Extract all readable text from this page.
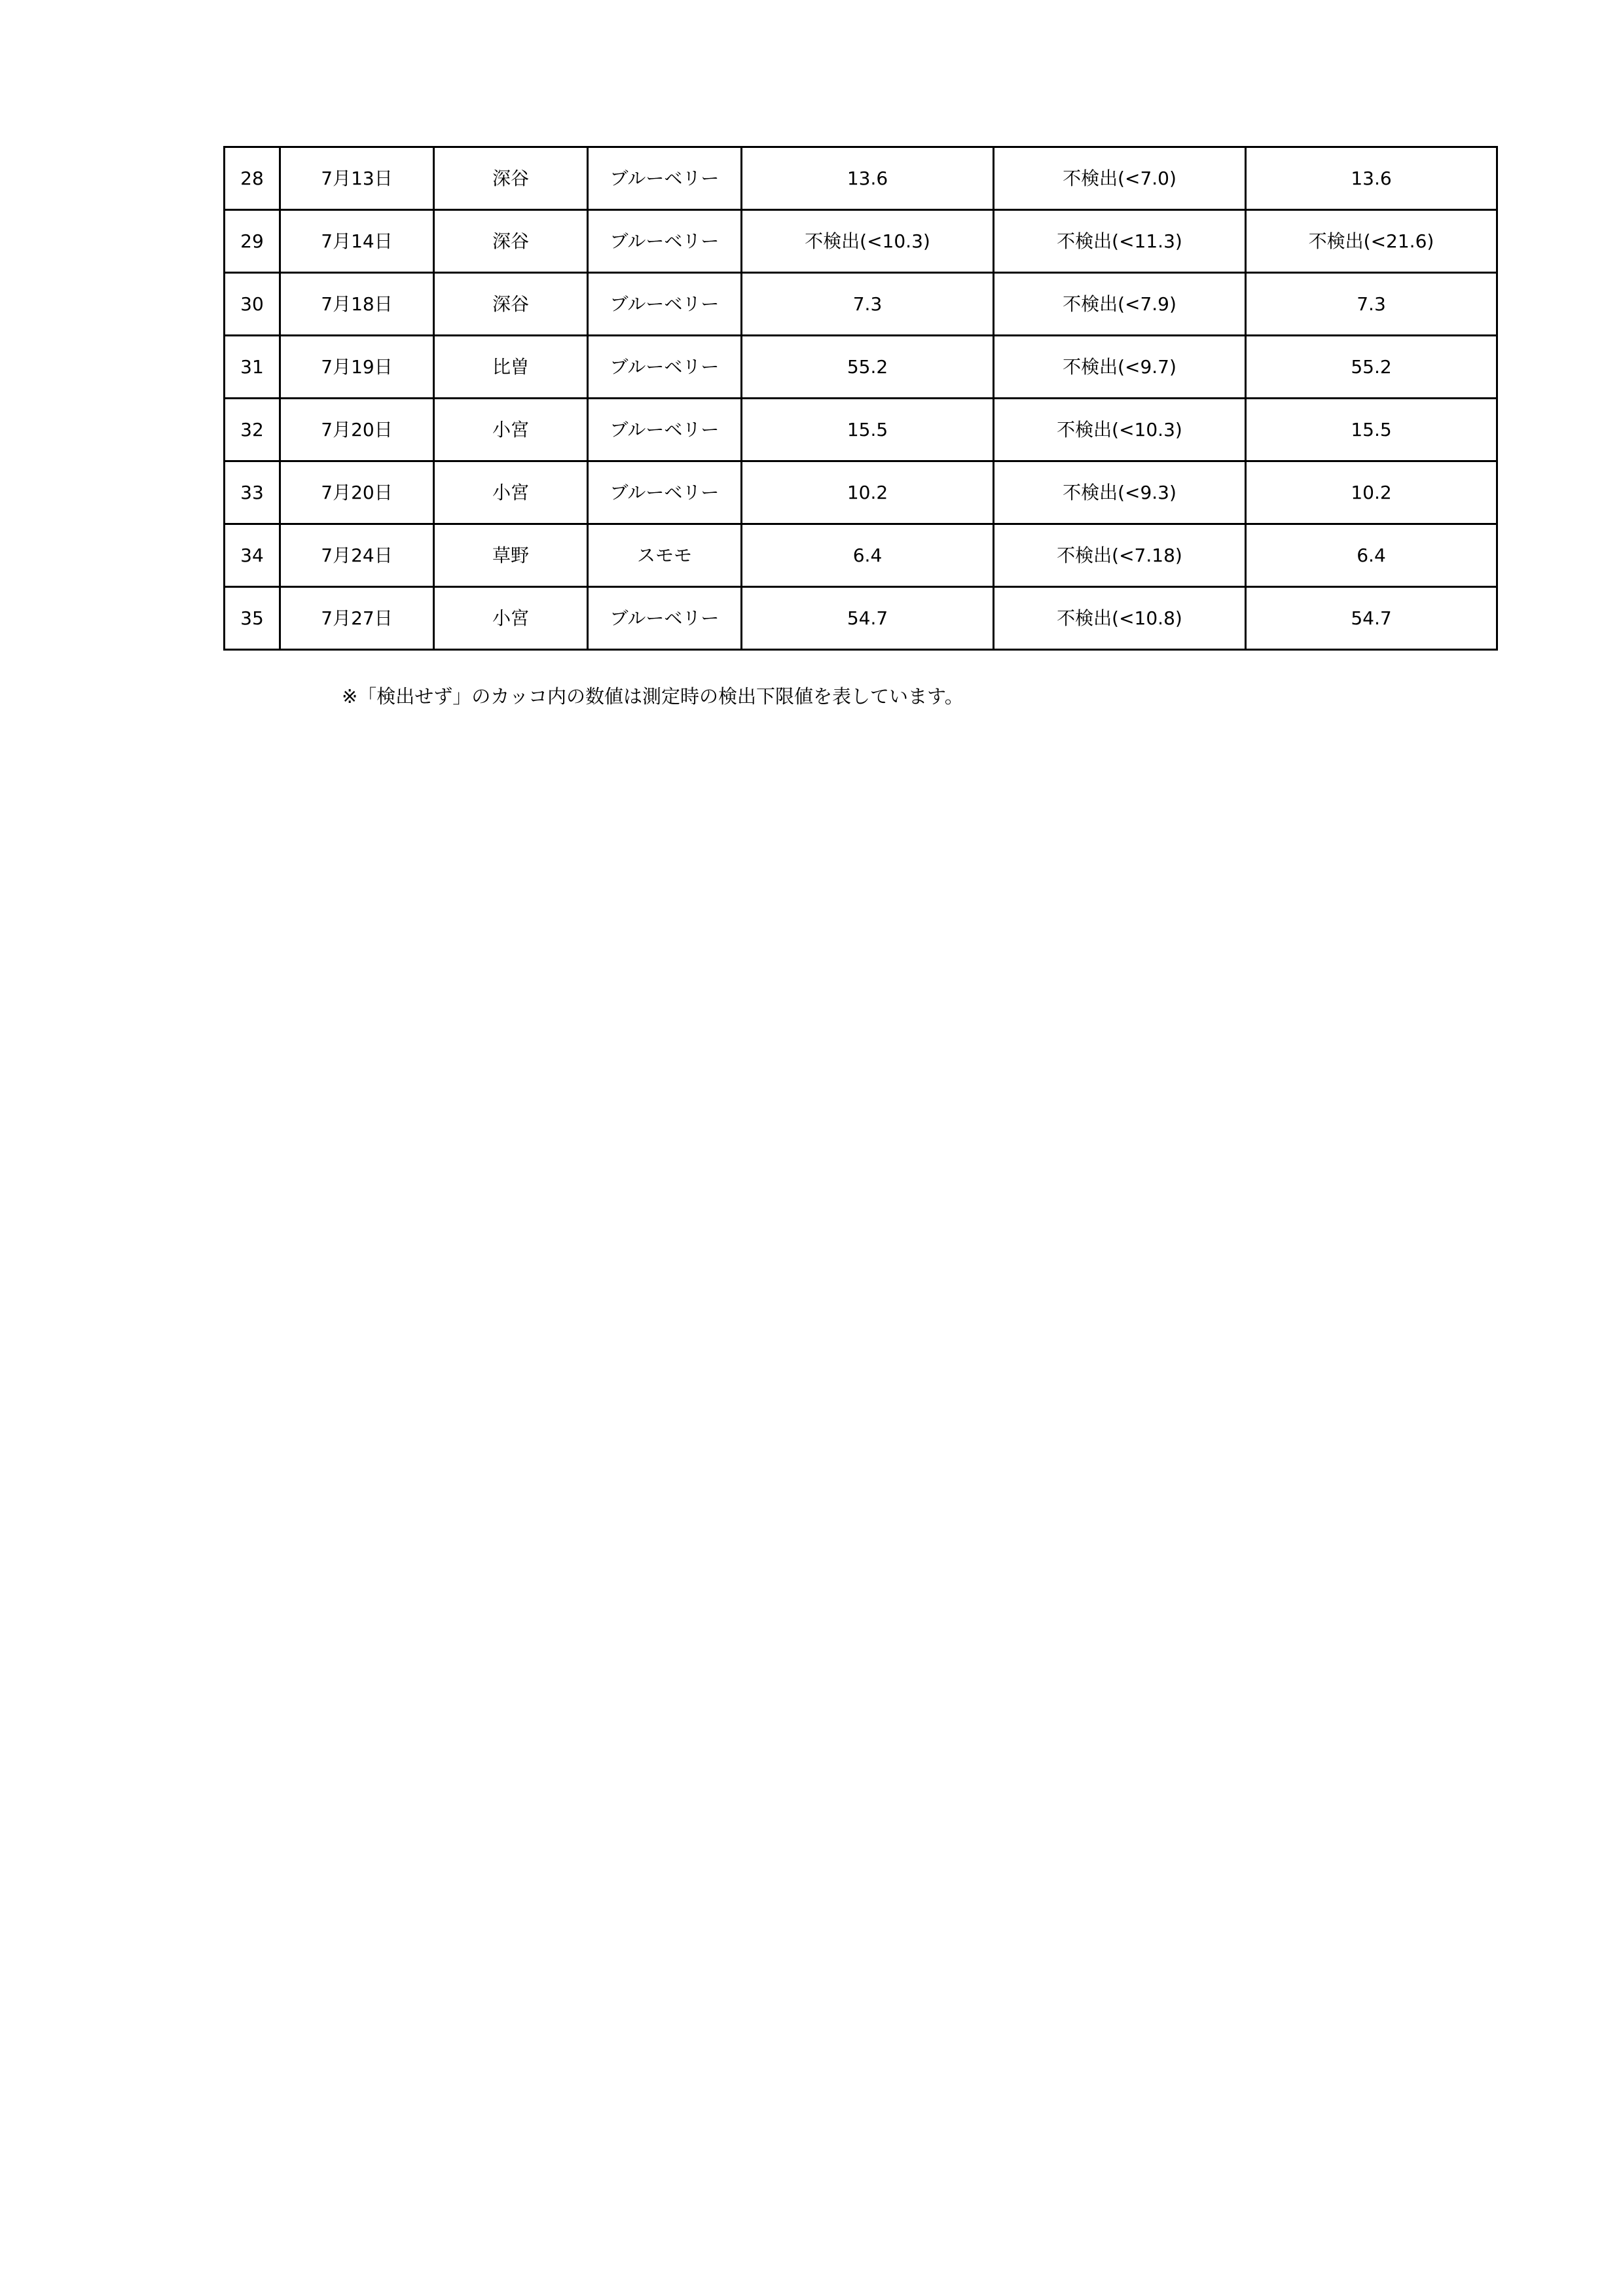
28	7月13日	深谷	ブルーベリー	13.6	不検出(<7.0)	13.6
29	7月14日	深谷	ブルーベリー	不検出(<10.3)	不検出(<11.3)	不検出(<21.6)
30	7月18日	深谷	ブルーベリー	7.3	不検出(<7.9)	7.3
31	7月19日	比曽	ブルーベリー	55.2	不検出(<9.7)	55.2
32	7月20日	小宮	ブルーベリー	15.5	不検出(<10.3)	15.5
33	7月20日	小宮	ブルーベリー	10.2	不検出(<9.3)	10.2
34	7月24日	草野	スモモ	6.4	不検出(<7.18)	6.4
35	7月27日	小宮	ブルーベリー	54.7	不検出(<10.8)	54.7
※「検出せず」のカッコ内の数値は測定時の検出下限値を表しています。
